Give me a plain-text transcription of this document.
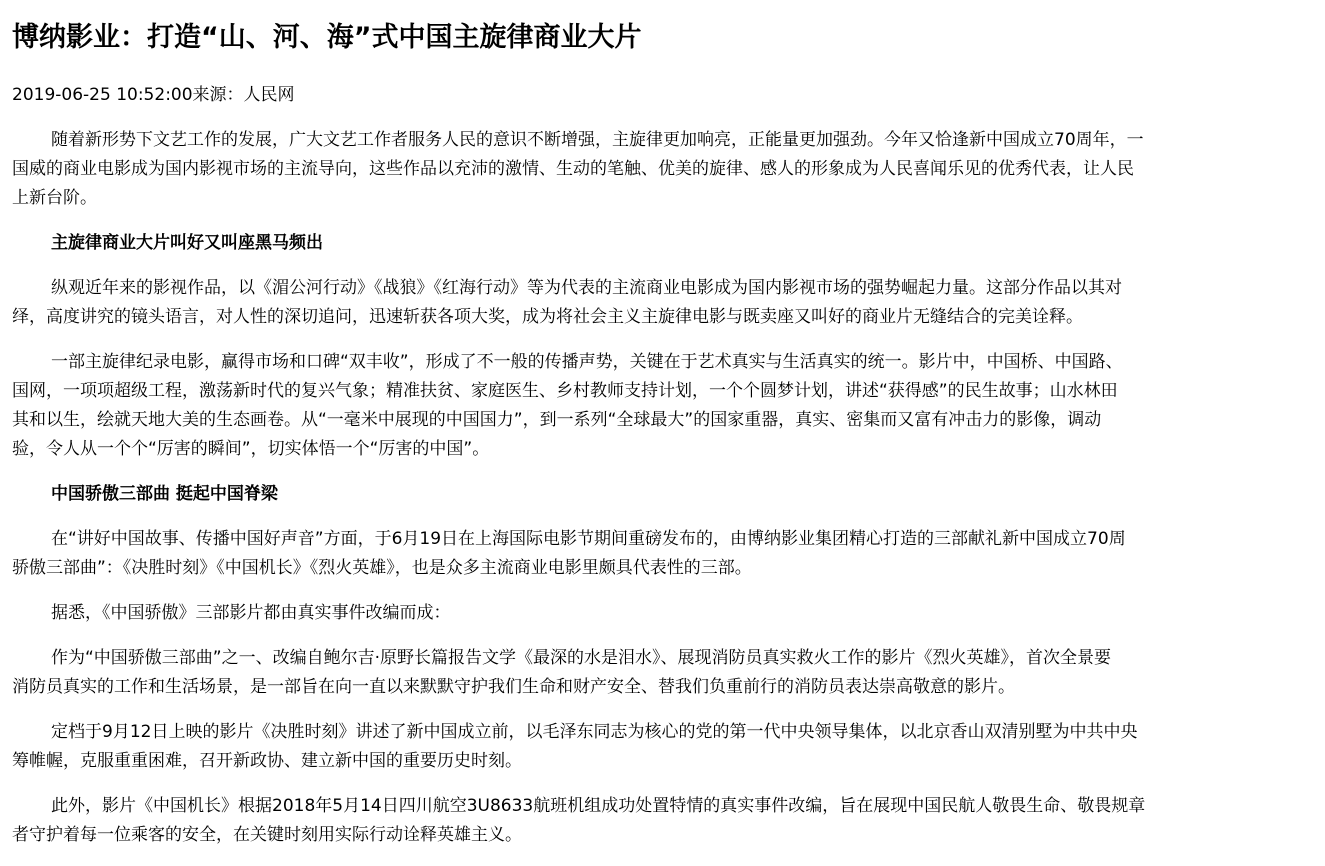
博纳影业：打造“山、河、海”式中国主旋律商业大片
2019-06-25 10:52:00来源：人民网
随着新形势下文艺工作的发展，广大文艺工作者服务人民的意识不断增强，主旋律更加响亮，正能量更加强劲。今年又恰逢新中国成立70周年，一
国威的商业电影成为国内影视市场的主流导向，这些作品以充沛的激情、生动的笔触、优美的旋律、感人的形象成为人民喜闻乐见的优秀代表，让人民
上新台阶。
主旋律商业大片叫好又叫座黑马频出
纵观近年来的影视作品，以《湄公河行动》《战狼》《红海行动》等为代表的主流商业电影成为国内影视市场的强势崛起力量。这部分作品以其对
绎，高度讲究的镜头语言，对人性的深切追问，迅速斩获各项大奖，成为将社会主义主旋律电影与既卖座又叫好的商业片无缝结合的完美诠释。
一部主旋律纪录电影，赢得市场和口碑“双丰收”，形成了不一般的传播声势，关键在于艺术真实与生活真实的统一。影片中，中国桥、中国路、
国网，一项项超级工程，激荡新时代的复兴气象；精准扶贫、家庭医生、乡村教师支持计划，一个个圆梦计划，讲述“获得感”的民生故事；山水林田
其和以生，绘就天地大美的生态画卷。从“一毫米中展现的中国国力”，到一系列“全球最大”的国家重器，真实、密集而又富有冲击力的影像，调动
验，令人从一个个“厉害的瞬间”，切实体悟一个“厉害的中国”。
中国骄傲三部曲 挺起中国脊梁
在“讲好中国故事、传播中国好声音”方面，于6月19日在上海国际电影节期间重磅发布的，由博纳影业集团精心打造的三部献礼新中国成立70周
骄傲三部曲”：《决胜时刻》《中国机长》《烈火英雄》，也是众多主流商业电影里颇具代表性的三部。
据悉，《中国骄傲》三部影片都由真实事件改编而成：
作为“中国骄傲三部曲”之一、改编自鲍尔吉·原野长篇报告文学《最深的水是泪水》、展现消防员真实救火工作的影片《烈火英雄》，首次全景要
消防员真实的工作和生活场景，是一部旨在向一直以来默默守护我们生命和财产安全、替我们负重前行的消防员表达崇高敬意的影片。
定档于9月12日上映的影片《决胜时刻》讲述了新中国成立前，以毛泽东同志为核心的党的第一代中央领导集体，以北京香山双清别墅为中共中央
筹帷幄，克服重重困难，召开新政协、建立新中国的重要历史时刻。
此外，影片《中国机长》根据2018年5月14日四川航空3U8633航班机组成功处置特情的真实事件改编，旨在展现中国民航人敬畏生命、敬畏规章
者守护着每一位乘客的安全，在关键时刻用实际行动诠释英雄主义。
